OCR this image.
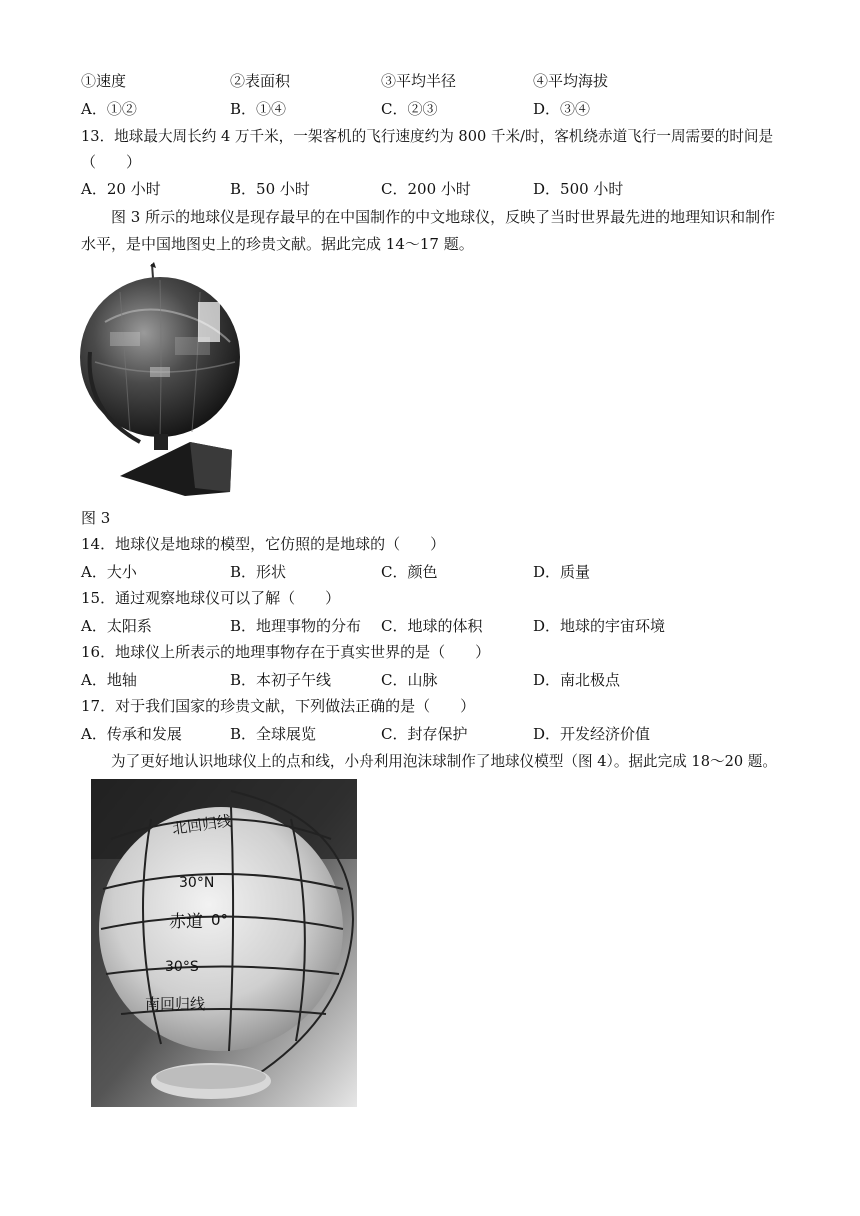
①速度	②表面积	③平均半径	④平均海拔
A．①②	B．①④	C．②③	D．③④
13．地球最大周长约 4 万千米，一架客机的飞行速度约为 800 千米/时，客机绕赤道飞行一周需要的时间是
（　　）
A．20 小时	B．50 小时	C．200 小时	D．500 小时
图 3 所示的地球仪是现存最早的在中国制作的中文地球仪，反映了当时世界最先进的地理知识和制作水平，是中国地图史上的珍贵文献。据此完成 14～17 题。
图 3
14．地球仪是地球的模型，它仿照的是地球的（　　）
A．大小	B．形状	C．颜色	D．质量
15．通过观察地球仪可以了解（　　）
A．太阳系	B．地理事物的分布 C．地球的体积	D．地球的宇宙环境
16．地球仪上所表示的地理事物存在于真实世界的是（　　）
A．地轴	B．本初子午线	C．山脉	D．南北极点
17．对于我们国家的珍贵文献，下列做法正确的是（　　）
A．传承和发展	B．全球展览	C．封存保护	D．开发经济价值
为了更好地认识地球仪上的点和线，小舟利用泡沫球制作了地球仪模型（图 4）。据此完成 18～20 题。
北回归线
30°N
赤道 0°
30°S
南回归线
